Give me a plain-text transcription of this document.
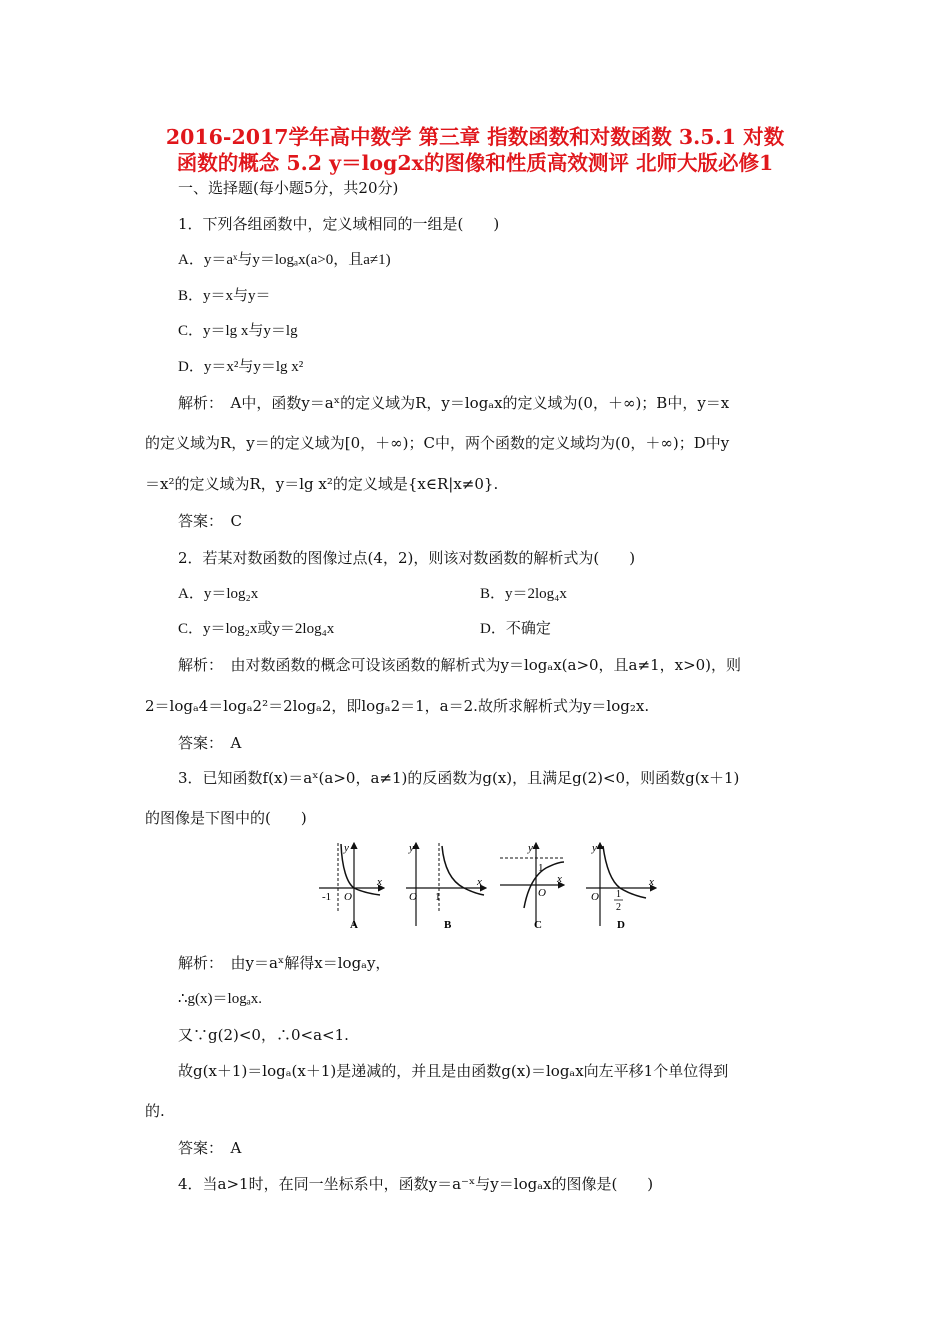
2016-2017学年高中数学 第三章 指数函数和对数函数 3.5.1 对数
函数的概念 5.2 y＝log2x的图像和性质高效测评 北师大版必修1
一、选择题(每小题5分，共20分)
1．下列各组函数中，定义域相同的一组是(　　)
A．y＝aˣ与y＝logₐx(a>0，且a≠1)
B．y＝x与y＝
C．y＝lg x与y＝lg
D．y＝x²与y＝lg x²
解析：　A中，函数y＝aˣ的定义域为R，y＝logₐx的定义域为(0，＋∞)；B中，y＝x
的定义域为R，y＝的定义域为[0，＋∞)；C中，两个函数的定义域均为(0，＋∞)；D中y
＝x²的定义域为R，y＝lg x²的定义域是{x∈R|x≠0}.
答案：　C
2．若某对数函数的图像过点(4，2)，则该对数函数的解析式为(　　)
A．y＝log₂x	B．y＝2log₄x
C．y＝log₂x或y＝2log₄x	D．不确定
解析：　由对数函数的概念可设该函数的解析式为y＝logₐx(a>0，且a≠1，x>0)，则
2＝logₐ4＝logₐ2²＝2logₐ2，即logₐ2＝1，a＝2.故所求解析式为y＝log₂x.
答案：　A
3．已知函数f(x)＝aˣ(a>0，a≠1)的反函数为g(x)，且满足g(2)<0，则函数g(x＋1)
的图像是下图中的(　　)
y
x
-1 O
A
y
x
O 1
B
y
x
1
O
C
y
x
O 1
2
D
解析：　由y＝aˣ解得x＝logₐy，
∴g(x)＝logₐx.
又∵g(2)<0，∴0<a<1.
故g(x＋1)＝logₐ(x＋1)是递减的，并且是由函数g(x)＝logₐx向左平移1个单位得到
的.
答案：　A
4．当a>1时，在同一坐标系中，函数y＝a⁻ˣ与y＝logₐx的图像是(　　)
